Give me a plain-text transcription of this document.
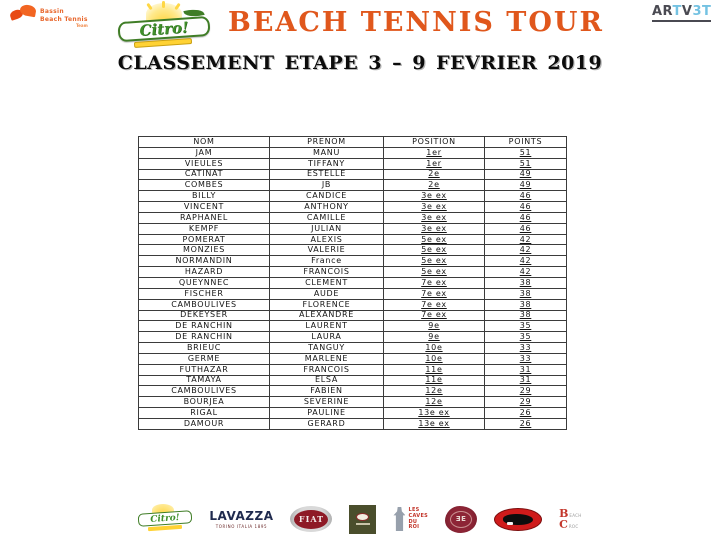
Bassin
Beach Tennis
Team	Citro! BEACH TENNIS TOUR	ARTV3T
CLASSEMENT ETAPE 3 – 9 FEVRIER 2019
NOM	PRENOM	POSITION	POINTS
JAM	MANU	1er	51
VIEULES	TIFFANY	1er	51
CATINAT	ESTELLE	2e	49
COMBES	JB	2e	49
BILLY	CANDICE	3e ex	46
VINCENT	ANTHONY	3e ex	46
RAPHANEL	CAMILLE	3e ex	46
KEMPF	JULIAN	3e ex	46
POMERAT	ALEXIS	5e ex	42
MONZIES	VALERIE	5e ex	42
NORMANDIN	France	5e ex	42
HAZARD	FRANCOIS	5e ex	42
QUEYNNEC	CLEMENT	7e ex	38
FISCHER	AUDE	7e ex	38
CAMBOULIVES	FLORENCE	7e ex	38
DEKEYSER	ALEXANDRE	7e ex	38
DE RANCHIN	LAURENT	9e	35
DE RANCHIN	LAURA	9e	35
BRIEUC	TANGUY	10e	33
GERME	MARLENE	10e	33
FUTHAZAR	FRANCOIS	11e	31
TAMAYA	ELSA	11e	31
CAMBOULIVES	FABIEN	12e	29
BOURJEA	SEVERINE	12e	29
RIGAL	PAULINE	13e ex	26
DAMOUR	GERARD	13e ex	26
Citro! LAVAZZA
TORINO ITALIA 1895
FIAT
LES
CAVES
DU
ROI
ƎE	B EACH
C ROC
